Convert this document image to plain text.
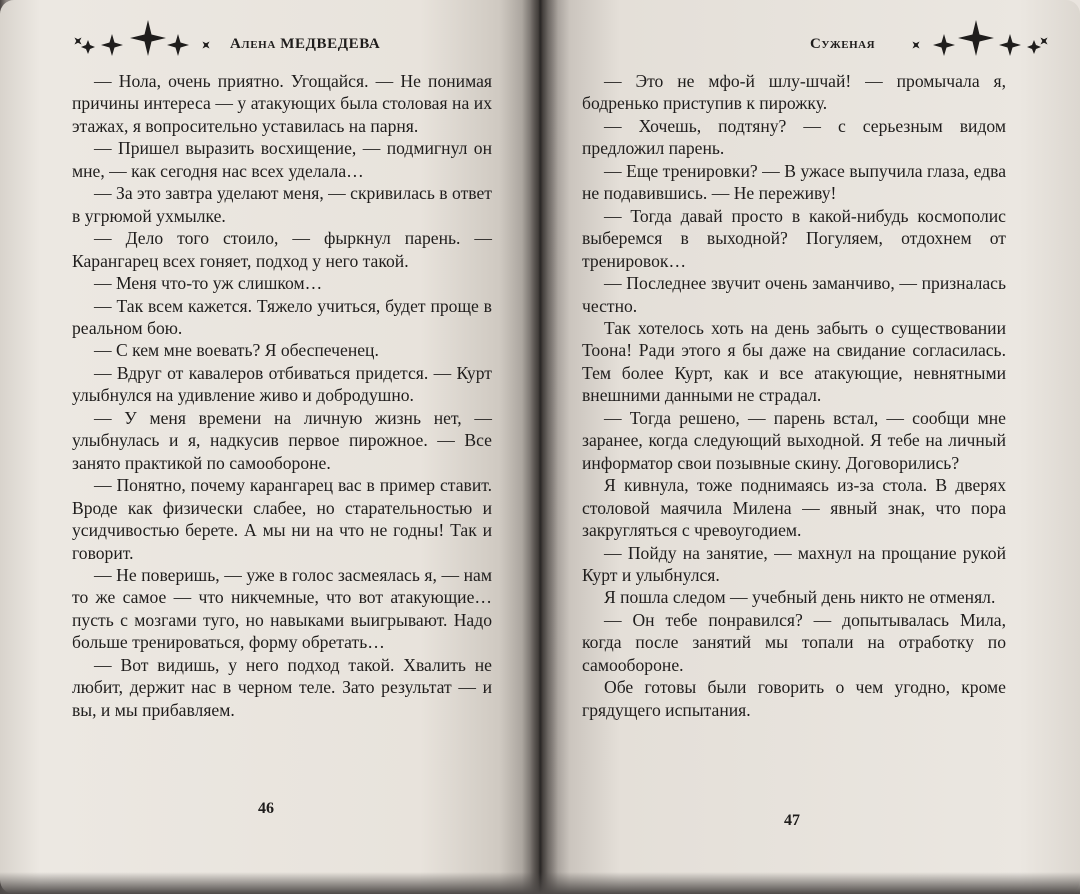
Алена МЕДВЕДЕВА

— Нола, очень приятно. Угощайся. — Не понимая причины интереса — у атакующих была столовая на их этажах, я вопросительно уставилась на парня.

— Пришел выразить восхищение, — подмигнул он мне, — как сегодня нас всех уделала…

— За это завтра уделают меня, — скривилась в ответ в угрюмой ухмылке.

— Дело того стоило, — фыркнул парень. — Карангарец всех гоняет, подход у него такой.

— Меня что-то уж слишком…

— Так всем кажется. Тяжело учиться, будет проще в реальном бою.

— С кем мне воевать? Я обеспеченец.

— Вдруг от кавалеров отбиваться придется. — Курт улыбнулся на удивление живо и добродушно.

— У меня времени на личную жизнь нет, — улыбнулась и я, надкусив первое пирожное. — Все занято практикой по самообороне.

— Понятно, почему карангарец вас в пример ставит. Вроде как физически слабее, но старательностью и усидчивостью берете. А мы ни на что не годны! Так и говорит.

— Не поверишь, — уже в голос засмеялась я, — нам то же самое — что никчемные, что вот атакующие… пусть с мозгами туго, но навыками выигрывают. Надо больше тренироваться, форму обретать…

— Вот видишь, у него подход такой. Хвалить не любит, держит нас в черном теле. Зато результат — и вы, и мы прибавляем.

46
Суженая

— Это не мфо-й шлу-шчай! — промычала я, бодренько приступив к пирожку.

— Хочешь, подтяну? — с серьезным видом предложил парень.

— Еще тренировки? — В ужасе выпучила глаза, едва не подавившись. — Не переживу!

— Тогда давай просто в какой-нибудь космополис выберемся в выходной? Погуляем, отдохнем от тренировок…

— Последнее звучит очень заманчиво, — призналась честно.

Так хотелось хоть на день забыть о существовании Тоона! Ради этого я бы даже на свидание согласилась. Тем более Курт, как и все атакующие, невнятными внешними данными не страдал.

— Тогда решено, — парень встал, — сообщи мне заранее, когда следующий выходной. Я тебе на личный информатор свои позывные скину. Договорились?

Я кивнула, тоже поднимаясь из-за стола. В дверях столовой маячила Милена — явный знак, что пора закругляться с чревоугодием.

— Пойду на занятие, — махнул на прощание рукой Курт и улыбнулся.

Я пошла следом — учебный день никто не отменял.

— Он тебе понравился? — допытывалась Мила, когда после занятий мы топали на отработку по самообороне.

Обе готовы были говорить о чем угодно, кроме грядущего испытания.

47
